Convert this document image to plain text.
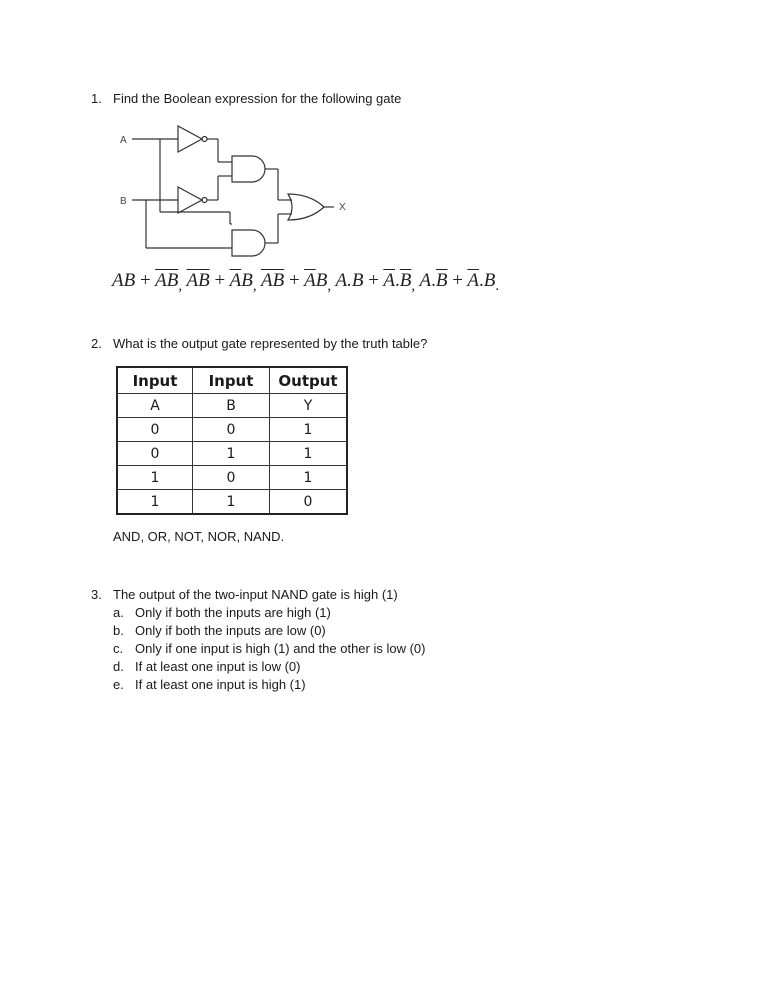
1. Find the Boolean expression for the following gate
A
B
X
AB + $\overline{AB}_,$ $\overline{A}\overline{B} + \overline{A}B_,$ $\overline{AB} + \overline{A}B_,$ $A.B + \overline{A}.\overline{B}_,$ $A.\overline{B} + \overline{A}.B_.$
2. What is the output gate represented by the truth table?
Input	Input	Output
A	B	Y
0	0	1
0	1	1
1	0	1
1	1	0
AND, OR, NOT, NOR, NAND.
3. The output of the two-input NAND gate is high (1)
a. Only if both the inputs are high (1)
b. Only if both the inputs are low (0)
c. Only if one input is high (1) and the other is low (0)
d. If at least one input is low (0)
e. If at least one input is high (1)
